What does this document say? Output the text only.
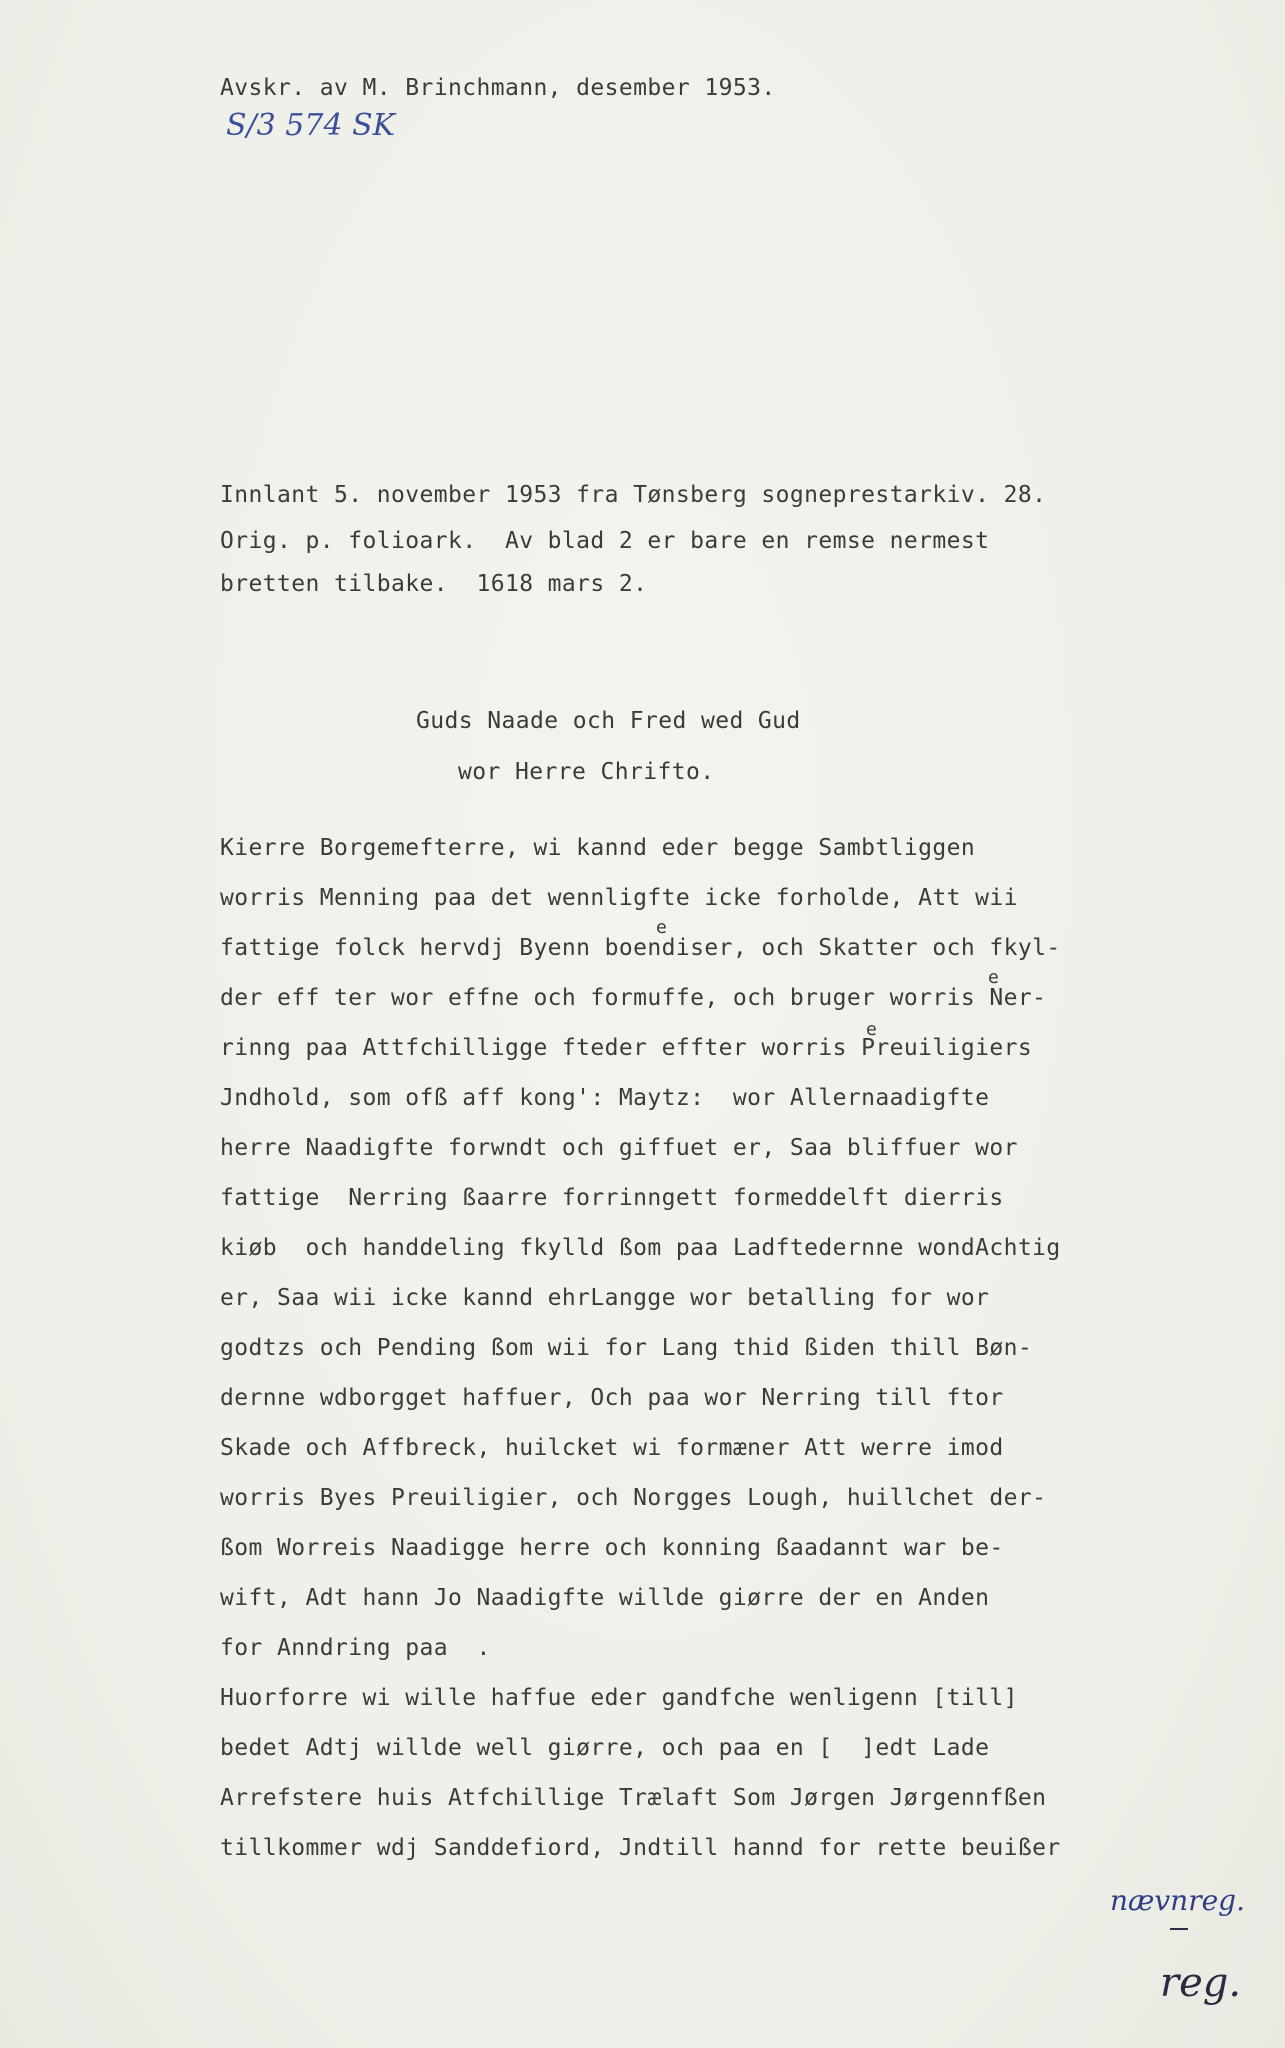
Avskr. av M. Brinchmann, desember 1953.
S/3 574 SK
Innlant 5. november 1953 fra Tønsberg sogneprestarkiv. 28.
Orig. p. folioark.  Av blad 2 er bare en remse nermest
bretten tilbake.  1618 mars 2.
Guds Naade och Fred wed Gud
wor Herre Chrifto.
Kierre Borgemefterre, wi kannd eder begge Sambtliggen
worris Menning paa det wennligfte icke forholde, Att wii
fattige folck hervdj Byenn boendiser, och Skatter och fkyl-
der eff ter wor effne och formuffe, och bruger worris Ner-
rinng paa Attfchilligge fteder effter worris Preuiligiers
Jndhold, som ofß aff kong': Maytz:  wor Allernaadigfte
herre Naadigfte forwndt och giffuet er, Saa bliffuer wor
fattige  Nerring ßaarre forrinngett formeddelft dierris
kiøb  och handdeling fkylld ßom paa Ladftedernne wondAchtig
er, Saa wii icke kannd ehrLangge wor betalling for wor
godtzs och Pending ßom wii for Lang thid ßiden thill Bøn-
dernne wdborgget haffuer, Och paa wor Nerring till ftor
Skade och Affbreck, huilcket wi formæner Att werre imod
worris Byes Preuiligier, och Norgges Lough, huillchet der-
ßom Worreis Naadigge herre och konning ßaadannt war be-
wift, Adt hann Jo Naadigfte willde giørre der en Anden
for Anndring paa  .
Huorforre wi wille haffue eder gandfche wenligenn [till]
bedet Adtj willde well giørre, och paa en [  ]edt Lade
Arrefstere huis Atfchillige Trælaft Som Jørgen Jørgennfßen
tillkommer wdj Sanddefiord, Jndtill hannd for rette beuißer
e
e
e
nævnreg.
reg.
